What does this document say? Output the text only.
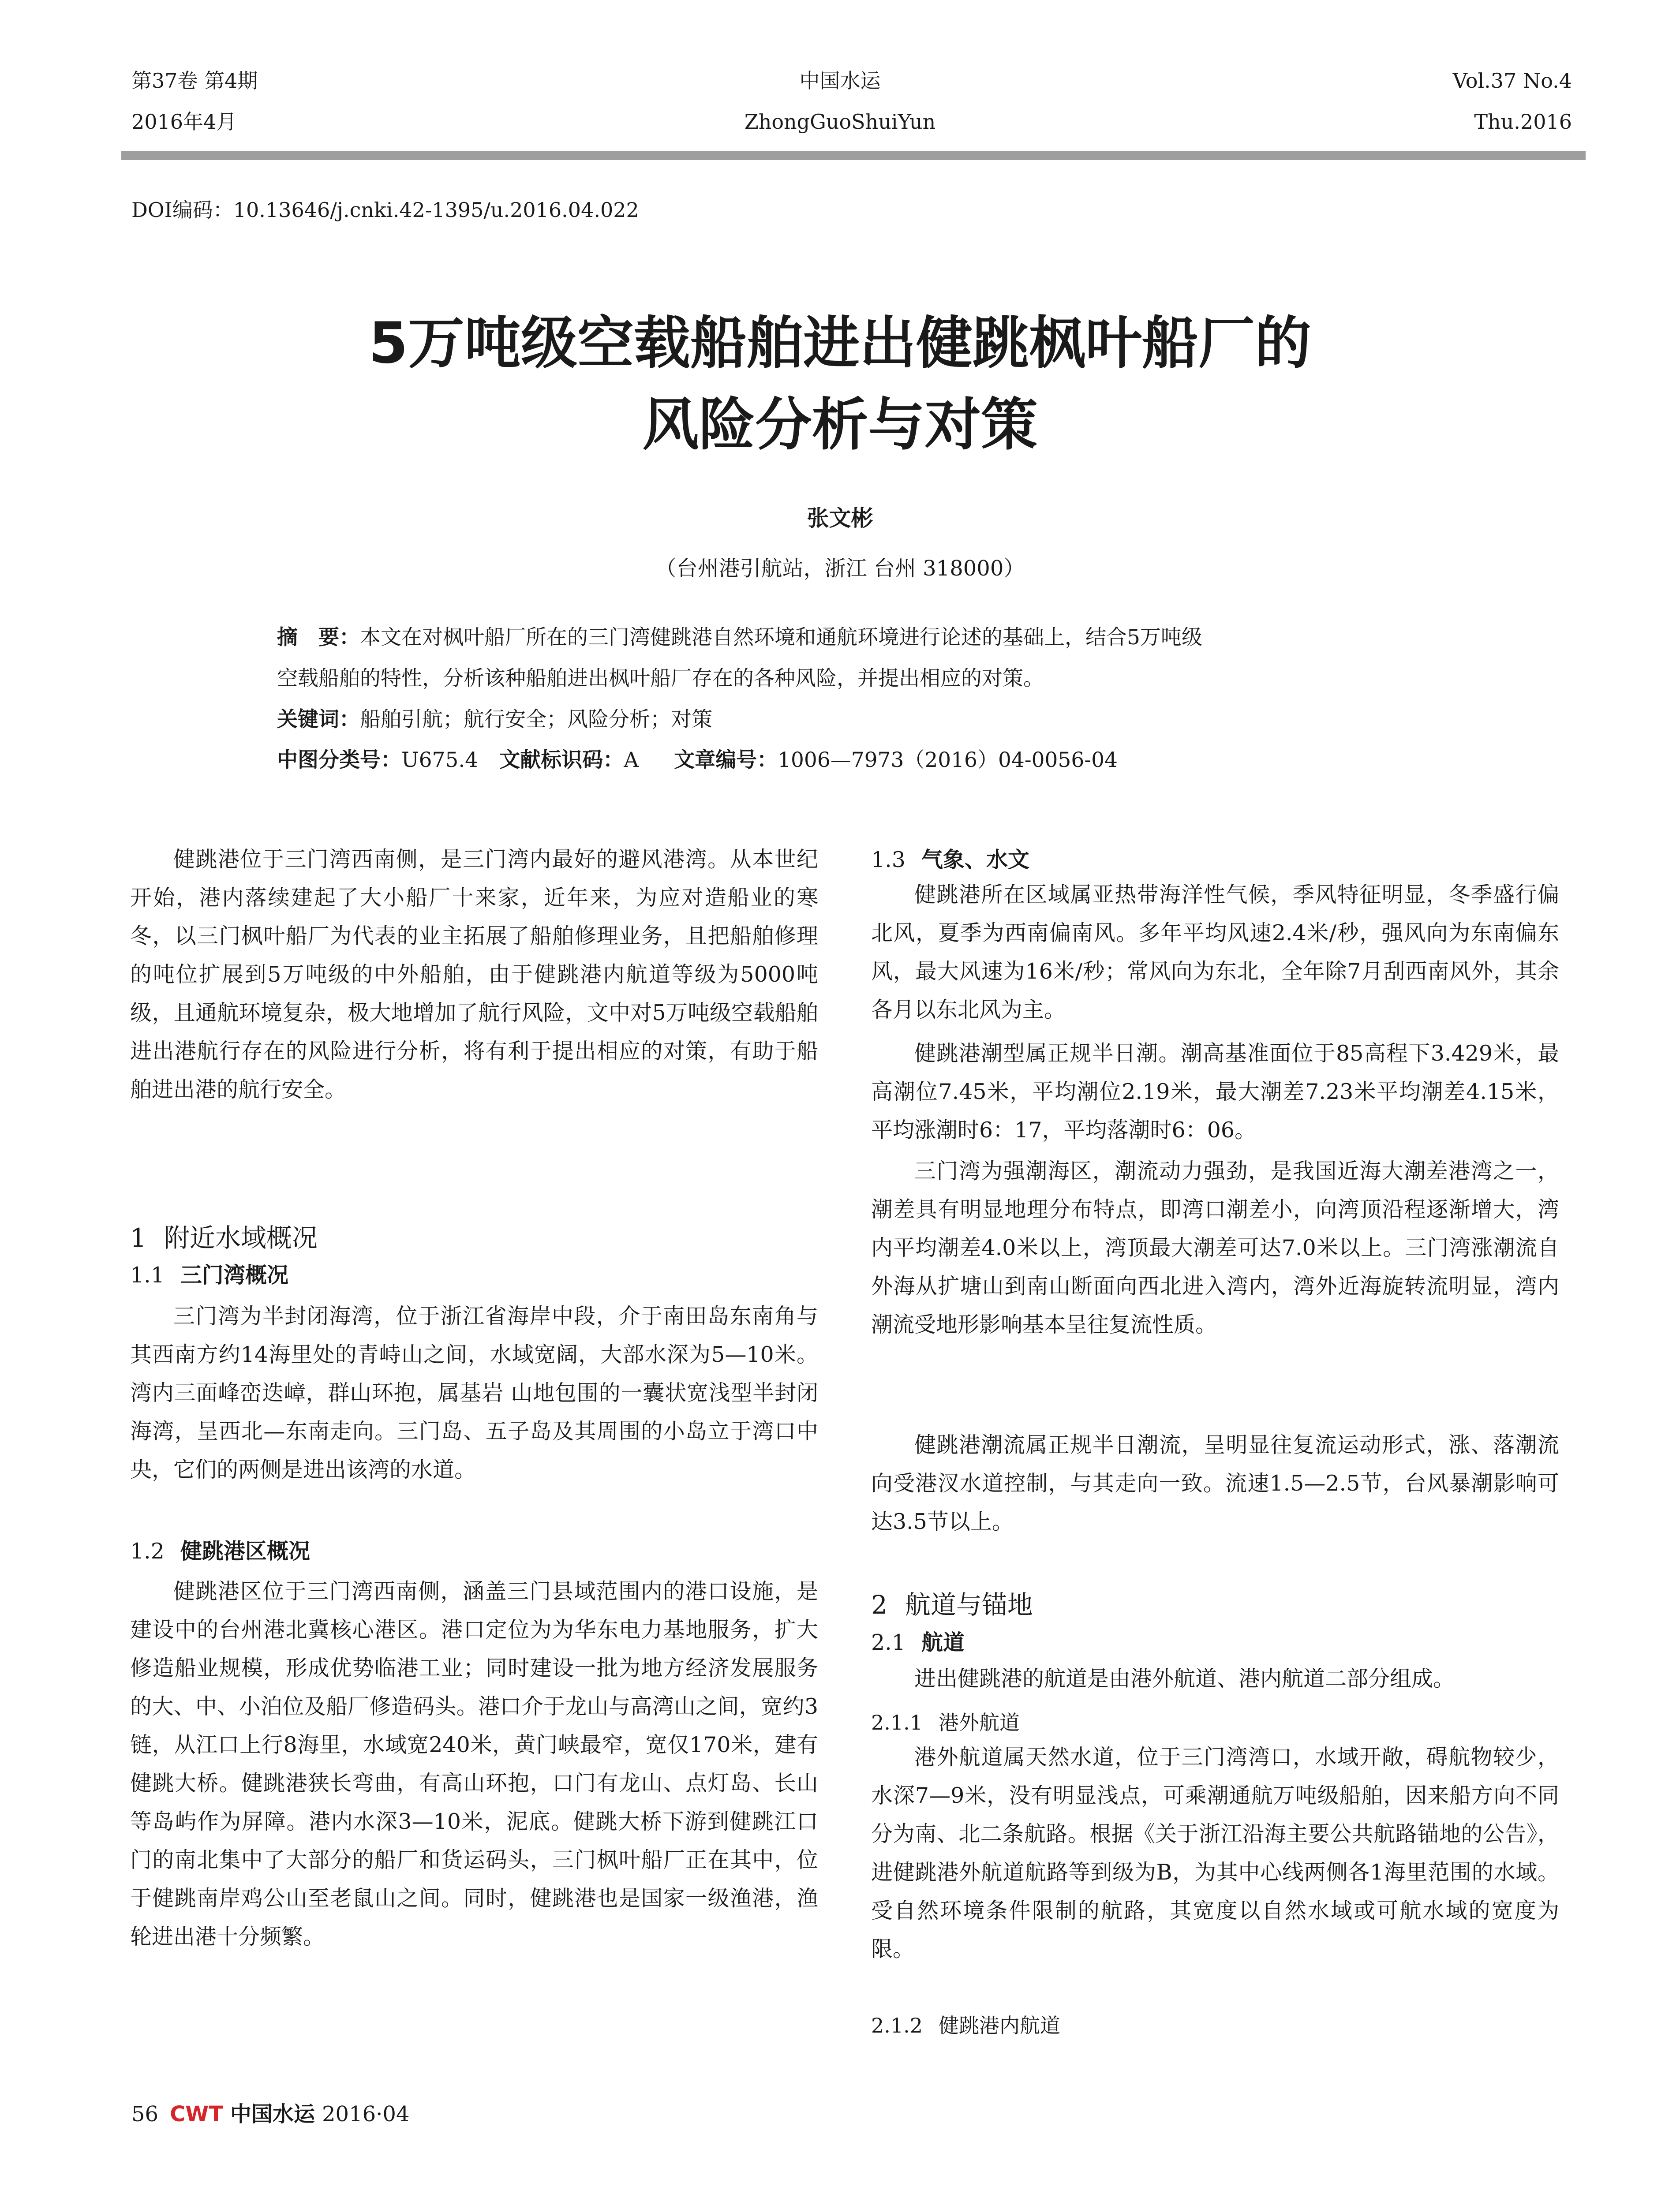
第37卷 第4期
2016年4月
中国水运
ZhongGuoShuiYun
Vol.37 No.4
Thu.2016
DOI编码：10.13646/j.cnki.42-1395/u.2016.04.022
5万吨级空载船舶进出健跳枫叶船厂的
风险分析与对策
张文彬
（台州港引航站，浙江 台州 318000）
摘　要：本文在对枫叶船厂所在的三门湾健跳港自然环境和通航环境进行论述的基础上，结合5万吨级
空载船舶的特性，分析该种船舶进出枫叶船厂存在的各种风险，并提出相应的对策。
关键词：船舶引航；航行安全；风险分析；对策
中图分类号：U675.4 文献标识码：A 文章编号：1006—7973（2016）04-0056-04

健跳港位于三门湾西南侧，是三门湾内最好的避风港湾。从本世纪开始，港内落续建起了大小船厂十来家，近年来，为应对造船业的寒冬，以三门枫叶船厂为代表的业主拓展了船舶修理业务，且把船舶修理的吨位扩展到5万吨级的中外船舶，由于健跳港内航道等级为5000吨级，且通航环境复杂，极大地增加了航行风险，文中对5万吨级空载船舶进出港航行存在的风险进行分析，将有利于提出相应的对策，有助于船舶进出港的航行安全。

1 附近水域概况
1.1 三门湾概况

三门湾为半封闭海湾，位于浙江省海岸中段，介于南田岛东南角与其西南方约14海里处的青峙山之间，水域宽阔，大部水深为5—10米。湾内三面峰峦迭嶂，群山环抱，属基岩 山地包围的一囊状宽浅型半封闭海湾，呈西北—东南走向。三门岛、五子岛及其周围的小岛立于湾口中央，它们的两侧是进出该湾的水道。

1.2 健跳港区概况

健跳港区位于三门湾西南侧，涵盖三门县域范围内的港口设施，是建设中的台州港北冀核心港区。港口定位为为华东电力基地服务，扩大修造船业规模，形成优势临港工业；同时建设一批为地方经济发展服务的大、中、小泊位及船厂修造码头。港口介于龙山与高湾山之间，宽约3链，从江口上行8海里，水域宽240米，黄门峡最窄，宽仅170米，建有健跳大桥。健跳港狭长弯曲，有高山环抱，口门有龙山、点灯岛、长山等岛屿作为屏障。港内水深3—10米，泥底。健跳大桥下游到健跳江口门的南北集中了大部分的船厂和货运码头，三门枫叶船厂正在其中，位于健跳南岸鸡公山至老鼠山之间。同时，健跳港也是国家一级渔港，渔轮进出港十分频繁。

1.3 气象、水文

健跳港所在区域属亚热带海洋性气候，季风特征明显，冬季盛行偏北风，夏季为西南偏南风。多年平均风速2.4米/秒，强风向为东南偏东风，最大风速为16米/秒；常风向为东北，全年除7月刮西南风外，其余各月以东北风为主。

健跳港潮型属正规半日潮。潮高基准面位于85高程下3.429米，最高潮位7.45米，平均潮位2.19米，最大潮差7.23米平均潮差4.15米，平均涨潮时6：17，平均落潮时6：06。

三门湾为强潮海区，潮流动力强劲，是我国近海大潮差港湾之一，潮差具有明显地理分布特点，即湾口潮差小，向湾顶沿程逐渐增大，湾内平均潮差4.0米以上，湾顶最大潮差可达7.0米以上。三门湾涨潮流自外海从扩塘山到南山断面向西北进入湾内，湾外近海旋转流明显，湾内潮流受地形影响基本呈往复流性质。

健跳港潮流属正规半日潮流，呈明显往复流运动形式，涨、落潮流向受港汊水道控制，与其走向一致。流速1.5—2.5节，台风暴潮影响可达3.5节以上。

2 航道与锚地
2.1 航道

进出健跳港的航道是由港外航道、港内航道二部分组成。

2.1.1 港外航道

港外航道属天然水道，位于三门湾湾口，水域开敞，碍航物较少，水深7—9米，没有明显浅点，可乘潮通航万吨级船舶，因来船方向不同分为南、北二条航路。根据《关于浙江沿海主要公共航路锚地的公告》，进健跳港外航道航路等到级为B，为其中心线两侧各1海里范围的水域。受自然环境条件限制的航路，其宽度以自然水域或可航水域的宽度为限。

2.1.2 健跳港内航道
56 CWT 中国水运 2016·04
